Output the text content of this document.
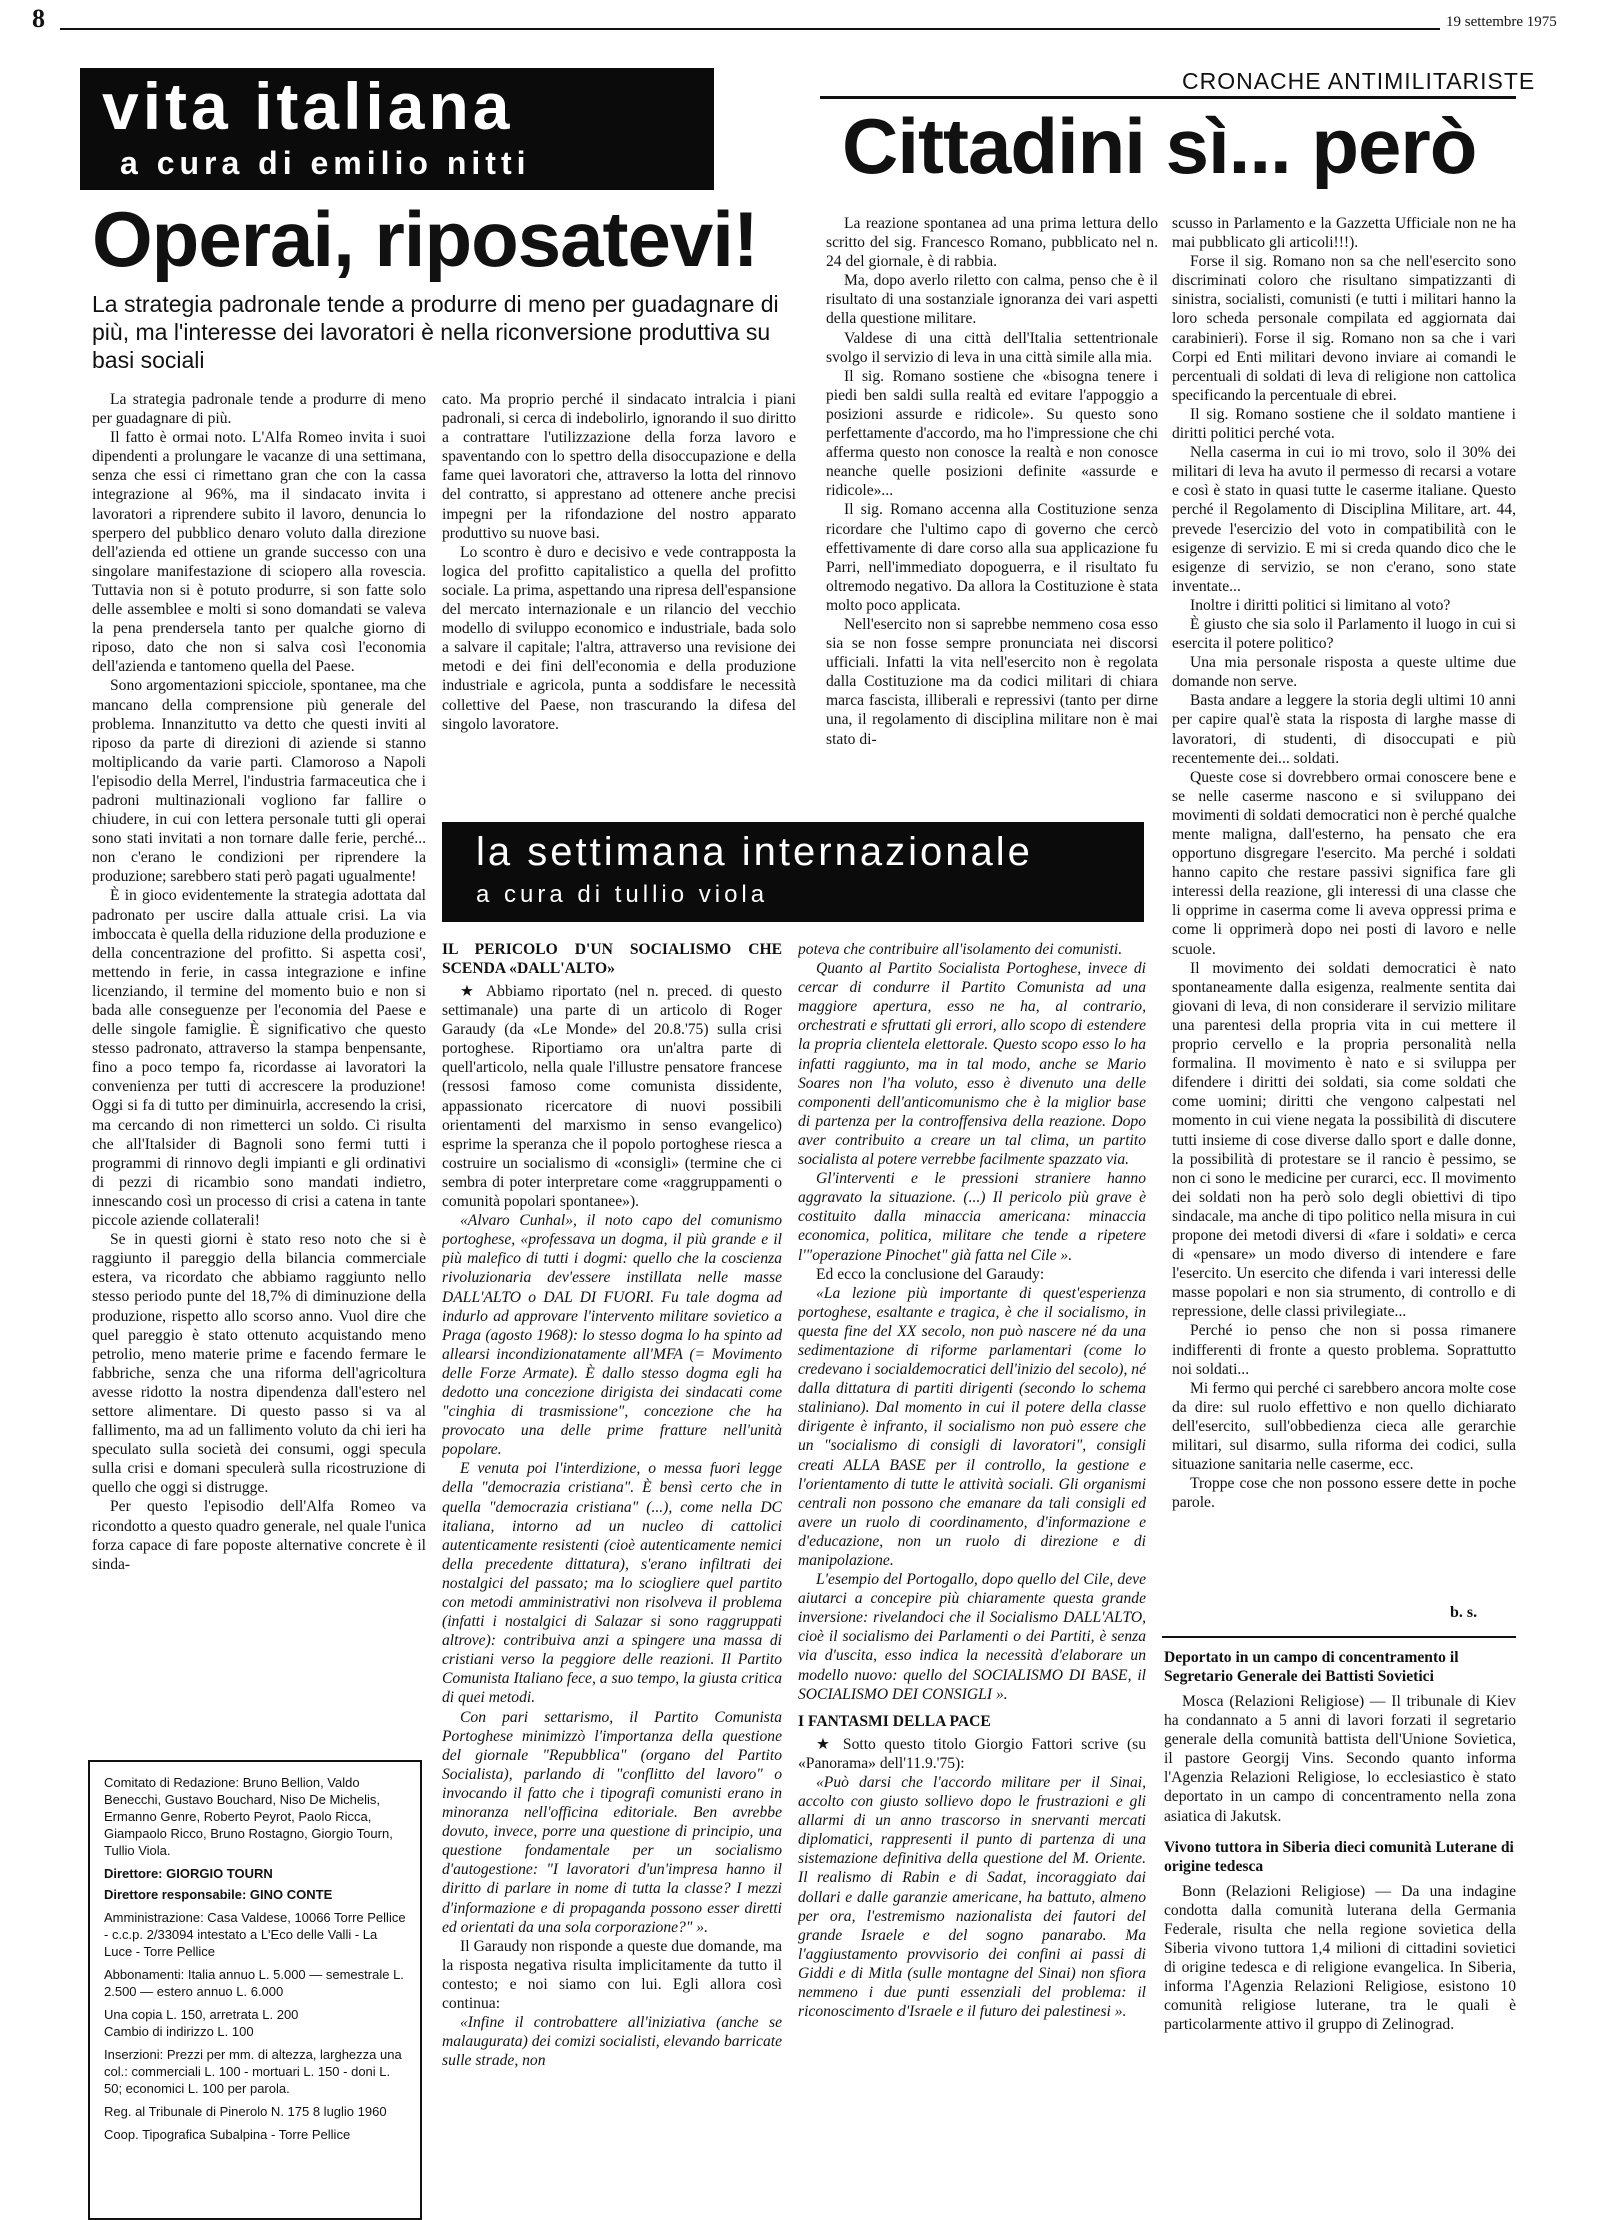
8	19 settembre 1975
vita italiana
a cura di emilio nitti
Operai, riposatevi!
La strategia padronale tende a produrre di meno per guadagnare di più, ma l'interesse dei lavoratori è nella riconversione produttiva su basi sociali

La strategia padronale tende a produrre di meno per guadagnare di più.

Il fatto è ormai noto. L'Alfa Romeo invita i suoi dipendenti a prolungare le vacanze di una settimana, senza che essi ci rimettano gran che con la cassa integrazione al 96%, ma il sindacato invita i lavoratori a riprendere subito il lavoro, denuncia lo sperpero del pubblico denaro voluto dalla direzione dell'azienda ed ottiene un grande successo con una singolare manifestazione di sciopero alla rovescia. Tuttavia non si è potuto produrre, si son fatte solo delle assemblee e molti si sono domandati se valeva la pena prendersela tanto per qualche giorno di riposo, dato che non si salva così l'economia dell'azienda e tantomeno quella del Paese.

Sono argomentazioni spicciole, spontanee, ma che mancano della comprensione più generale del problema. Innanzitutto va detto che questi inviti al riposo da parte di direzioni di aziende si stanno moltiplicando da varie parti. Clamoroso a Napoli l'episodio della Merrel, l'industria farmaceutica che i padroni multinazionali vogliono far fallire o chiudere, in cui con lettera personale tutti gli operai sono stati invitati a non tornare dalle ferie, perché... non c'erano le condizioni per riprendere la produzione; sarebbero stati però pagati ugualmente!

È in gioco evidentemente la strategia adottata dal padronato per uscire dalla attuale crisi. La via imboccata è quella della riduzione della produzione e della concentrazione del profitto. Si aspetta cosi', mettendo in ferie, in cassa integrazione e infine licenziando, il termine del momento buio e non si bada alle conseguenze per l'economia del Paese e delle singole famiglie. È significativo che questo stesso padronato, attraverso la stampa benpensante, fino a poco tempo fa, ricordasse ai lavoratori la convenienza per tutti di accrescere la produzione! Oggi si fa di tutto per diminuirla, accresendo la crisi, ma cercando di non rimetterci un soldo. Ci risulta che all'Italsider di Bagnoli sono fermi tutti i programmi di rinnovo degli impianti e gli ordinativi di pezzi di ricambio sono mandati indietro, innescando così un processo di crisi a catena in tante piccole aziende collaterali!

Se in questi giorni è stato reso noto che si è raggiunto il pareggio della bilancia commerciale estera, va ricordato che abbiamo raggiunto nello stesso periodo punte del 18,7% di diminuzione della produzione, rispetto allo scorso anno. Vuol dire che quel pareggio è stato ottenuto acquistando meno petrolio, meno materie prime e facendo fermare le fabbriche, senza che una riforma dell'agricoltura avesse ridotto la nostra dipendenza dall'estero nel settore alimentare. Di questo passo si va al fallimento, ma ad un fallimento voluto da chi ieri ha speculato sulla società dei consumi, oggi specula sulla crisi e domani speculerà sulla ricostruzione di quello che oggi si distrugge.

Per questo l'episodio dell'Alfa Romeo va ricondotto a questo quadro generale, nel quale l'unica forza capace di fare poposte alternative concrete è il sinda-

cato. Ma proprio perché il sindacato intralcia i piani padronali, si cerca di indebolirlo, ignorando il suo diritto a contrattare l'utilizzazione della forza lavoro e spaventando con lo spettro della disoccupazione e della fame quei lavoratori che, attraverso la lotta del rinnovo del contratto, si apprestano ad ottenere anche precisi impegni per la rifondazione del nostro apparato produttivo su nuove basi.

Lo scontro è duro e decisivo e vede contrapposta la logica del profitto capitalistico a quella del profitto sociale. La prima, aspettando una ripresa dell'espansione del mercato internazionale e un rilancio del vecchio modello di sviluppo economico e industriale, bada solo a salvare il capitale; l'altra, attraverso una revisione dei metodi e dei fini dell'economia e della produzione industriale e agricola, punta a soddisfare le necessità collettive del Paese, non trascurando la difesa del singolo lavoratore.

Comitato di Redazione: Bruno Bellion, Valdo Benecchi, Gustavo Bouchard, Niso De Michelis, Ermanno Genre, Roberto Peyrot, Paolo Ricca, Giampaolo Ricco, Bruno Rostagno, Giorgio Tourn, Tullio Viola.
Direttore: GIORGIO TOURN
Direttore responsabile: GINO CONTE
Amministrazione: Casa Valdese, 10066 Torre Pellice - c.c.p. 2/33094 intestato a L'Eco delle Valli - La Luce - Torre Pellice
Abbonamenti: Italia annuo L. 5.000 — semestrale L. 2.500 — estero annuo L. 6.000
Una copia L. 150, arretrata L. 200
Cambio di indirizzo L. 100
Inserzioni: Prezzi per mm. di altezza, larghezza una col.: commerciali L. 100 - mortuari L. 150 - doni L. 50; economici L. 100 per parola.
Reg. al Tribunale di Pinerolo N. 175 8 luglio 1960
Coop. Tipografica Subalpina - Torre Pellice
CRONACHE ANTIMILITARISTE
Cittadini sì... però

La reazione spontanea ad una prima lettura dello scritto del sig. Francesco Romano, pubblicato nel n. 24 del giornale, è di rabbia.

Ma, dopo averlo riletto con calma, penso che è il risultato di una sostanziale ignoranza dei vari aspetti della questione militare.

Valdese di una città dell'Italia settentrionale svolgo il servizio di leva in una città simile alla mia.

Il sig. Romano sostiene che «bisogna tenere i piedi ben saldi sulla realtà ed evitare l'appoggio a posizioni assurde e ridicole». Su questo sono perfettamente d'accordo, ma ho l'impressione che chi afferma questo non conosce la realtà e non conosce neanche quelle posizioni definite «assurde e ridicole»...

Il sig. Romano accenna alla Costituzione senza ricordare che l'ultimo capo di governo che cercò effettivamente di dare corso alla sua applicazione fu Parri, nell'immediato dopoguerra, e il risultato fu oltremodo negativo. Da allora la Costituzione è stata molto poco applicata.

Nell'esercito non si saprebbe nemmeno cosa esso sia se non fosse sempre pronunciata nei discorsi ufficiali. Infatti la vita nell'esercito non è regolata dalla Costituzione ma da codici militari di chiara marca fascista, illiberali e repressivi (tanto per dirne una, il regolamento di disciplina militare non è mai stato di-

scusso in Parlamento e la Gazzetta Ufficiale non ne ha mai pubblicato gli articoli!!!).

Forse il sig. Romano non sa che nell'esercito sono discriminati coloro che risultano simpatizzanti di sinistra, socialisti, comunisti (e tutti i militari hanno la loro scheda personale compilata ed aggiornata dai carabinieri). Forse il sig. Romano non sa che i vari Corpi ed Enti militari devono inviare ai comandi le percentuali di soldati di leva di religione non cattolica specificando la percentuale di ebrei.

Il sig. Romano sostiene che il soldato mantiene i diritti politici perché vota.

Nella caserma in cui io mi trovo, solo il 30% dei militari di leva ha avuto il permesso di recarsi a votare e così è stato in quasi tutte le caserme italiane. Questo perché il Regolamento di Disciplina Militare, art. 44, prevede l'esercizio del voto in compatibilità con le esigenze di servizio. E mi si creda quando dico che le esigenze di servizio, se non c'erano, sono state inventate...

Inoltre i diritti politici si limitano al voto?

È giusto che sia solo il Parlamento il luogo in cui si esercita il potere politico?

Una mia personale risposta a queste ultime due domande non serve.

Basta andare a leggere la storia degli ultimi 10 anni per capire qual'è stata la risposta di larghe masse di lavoratori, di studenti, di disoccupati e più recentemente dei... soldati.

Queste cose si dovrebbero ormai conoscere bene e se nelle caserme nascono e si sviluppano dei movimenti di soldati democratici non è perché qualche mente maligna, dall'esterno, ha pensato che era opportuno disgregare l'esercito. Ma perché i soldati hanno capito che restare passivi significa fare gli interessi della reazione, gli interessi di una classe che li opprime in caserma come li aveva oppressi prima e come li opprimerà dopo nei posti di lavoro e nelle scuole.

Il movimento dei soldati democratici è nato spontaneamente dalla esigenza, realmente sentita dai giovani di leva, di non considerare il servizio militare una parentesi della propria vita in cui mettere il proprio cervello e la propria personalità nella formalina. Il movimento è nato e si sviluppa per difendere i diritti dei soldati, sia come soldati che come uomini; diritti che vengono calpestati nel momento in cui viene negata la possibilità di discutere tutti insieme di cose diverse dallo sport e dalle donne, la possibilità di protestare se il rancio è pessimo, se non ci sono le medicine per curarci, ecc. Il movimento dei soldati non ha però solo degli obiettivi di tipo sindacale, ma anche di tipo politico nella misura in cui propone dei metodi diversi di «fare i soldati» e cerca di «pensare» un modo diverso di intendere e fare l'esercito. Un esercito che difenda i vari interessi delle masse popolari e non sia strumento, di controllo e di repressione, delle classi privilegiate...

Perché io penso che non si possa rimanere indifferenti di fronte a questo problema. Soprattutto noi soldati...

Mi fermo qui perché ci sarebbero ancora molte cose da dire: sul ruolo effettivo e non quello dichiarato dell'esercito, sull'obbedienza cieca alle gerarchie militari, sul disarmo, sulla riforma dei codici, sulla situazione sanitaria nelle caserme, ecc.

Troppe cose che non possono essere dette in poche parole.

b. s.
la settimana internazionale
a cura di tullio viola
IL PERICOLO D'UN SOCIALISMO CHE SCENDA «DALL'ALTO»

★ Abbiamo riportato (nel n. preced. di questo settimanale) una parte di un articolo di Roger Garaudy (da «Le Monde» del 20.8.'75) sulla crisi portoghese. Riportiamo ora un'altra parte di quell'articolo, nella quale l'illustre pensatore francese (ressosi famoso come comunista dissidente, appassionato ricercatore di nuovi possibili orientamenti del marxismo in senso evangelico) esprime la speranza che il popolo portoghese riesca a costruire un socialismo di «consigli» (termine che ci sembra di poter interpretare come «raggruppamenti o comunità popolari spontanee»).

«Alvaro Cunhal», il noto capo del comunismo portoghese, «professava un dogma, il più grande e il più malefico di tutti i dogmi: quello che la coscienza rivoluzionaria dev'essere instillata nelle masse DALL'ALTO o DAL DI FUORI. Fu tale dogma ad indurlo ad approvare l'intervento militare sovietico a Praga (agosto 1968): lo stesso dogma lo ha spinto ad allearsi incondizionatamente all'MFA (= Movimento delle Forze Armate). È dallo stesso dogma egli ha dedotto una concezione dirigista dei sindacati come "cinghia di trasmissione", concezione che ha provocato una delle prime fratture nell'unità popolare.

E venuta poi l'interdizione, o messa fuori legge della "democrazia cristiana". È bensì certo che in quella "democrazia cristiana" (...), come nella DC italiana, intorno ad un nucleo di cattolici autenticamente resistenti (cioè autenticamente nemici della precedente dittatura), s'erano infiltrati dei nostalgici del passato; ma lo sciogliere quel partito con metodi amministrativi non risolveva il problema (infatti i nostalgici di Salazar si sono raggruppati altrove): contribuiva anzi a spingere una massa di cristiani verso la peggiore delle reazioni. Il Partito Comunista Italiano fece, a suo tempo, la giusta critica di quei metodi.

Con pari settarismo, il Partito Comunista Portoghese minimizzò l'importanza della questione del giornale "Repubblica" (organo del Partito Socialista), parlando di "conflitto del lavoro" o invocando il fatto che i tipografi comunisti erano in minoranza nell'officina editoriale. Ben avrebbe dovuto, invece, porre una questione di principio, una questione fondamentale per un socialismo d'autogestione: "I lavoratori d'un'impresa hanno il diritto di parlare in nome di tutta la classe? I mezzi d'informazione e di propaganda possono esser diretti ed orientati da una sola corporazione?" ».

Il Garaudy non risponde a queste due domande, ma la risposta negativa risulta implicitamente da tutto il contesto; e noi siamo con lui. Egli allora così continua:

«Infine il controbattere all'iniziativa (anche se malaugurata) dei comizi socialisti, elevando barricate sulle strade, non

poteva che contribuire all'isolamento dei comunisti.

Quanto al Partito Socialista Portoghese, invece di cercar di condurre il Partito Comunista ad una maggiore apertura, esso ne ha, al contrario, orchestrati e sfruttati gli errori, allo scopo di estendere la propria clientela elettorale. Questo scopo esso lo ha infatti raggiunto, ma in tal modo, anche se Mario Soares non l'ha voluto, esso è divenuto una delle componenti dell'anticomunismo che è la miglior base di partenza per la controffensiva della reazione. Dopo aver contribuito a creare un tal clima, un partito socialista al potere verrebbe facilmente spazzato via.

Gl'interventi e le pressioni straniere hanno aggravato la situazione. (...) Il pericolo più grave è costituito dalla minaccia americana: minaccia economica, politica, militare che tende a ripetere l'"operazione Pinochet" già fatta nel Cile ».

Ed ecco la conclusione del Garaudy:

«La lezione più importante di quest'esperienza portoghese, esaltante e tragica, è che il socialismo, in questa fine del XX secolo, non può nascere né da una sedimentazione di riforme parlamentari (come lo credevano i socialdemocratici dell'inizio del secolo), né dalla dittatura di partiti dirigenti (secondo lo schema staliniano). Dal momento in cui il potere della classe dirigente è infranto, il socialismo non può essere che un "socialismo di consigli di lavoratori", consigli creati ALLA BASE per il controllo, la gestione e l'orientamento di tutte le attività sociali. Gli organismi centrali non possono che emanare da tali consigli ed avere un ruolo di coordinamento, d'informazione e d'educazione, non un ruolo di direzione e di manipolazione.

L'esempio del Portogallo, dopo quello del Cile, deve aiutarci a concepire più chiaramente questa grande inversione: rivelandoci che il Socialismo DALL'ALTO, cioè il socialismo dei Parlamenti o dei Partiti, è senza via d'uscita, esso indica la necessità d'elaborare un modello nuovo: quello del SOCIALISMO DI BASE, il SOCIALISMO DEI CONSIGLI ».

I FANTASMI DELLA PACE

★ Sotto questo titolo Giorgio Fattori scrive (su «Panorama» dell'11.9.'75):

«Può darsi che l'accordo militare per il Sinai, accolto con giusto sollievo dopo le frustrazioni e gli allarmi di un anno trascorso in snervanti mercati diplomatici, rappresenti il punto di partenza di una sistemazione definitiva della questione del M. Oriente. Il realismo di Rabin e di Sadat, incoraggiato dai dollari e dalle garanzie americane, ha battuto, almeno per ora, l'estremismo nazionalista dei fautori del grande Israele e del sogno panarabo. Ma l'aggiustamento provvisorio dei confini ai passi di Giddi e di Mitla (sulle montagne del Sinai) non sfiora nemmeno i due punti essenziali del problema: il riconoscimento d'Israele e il futuro dei palestinesi ».

Deportato in un campo di concentramento il Segretario Generale dei Battisti Sovietici

Mosca (Relazioni Religiose) — Il tribunale di Kiev ha condannato a 5 anni di lavori forzati il segretario generale della comunità battista dell'Unione Sovietica, il pastore Georgij Vins. Secondo quanto informa l'Agenzia Relazioni Religiose, lo ecclesiastico è stato deportato in un campo di concentramento nella zona asiatica di Jakutsk.

Vivono tuttora in Siberia dieci comunità Luterane di origine tedesca

Bonn (Relazioni Religiose) — Da una indagine condotta dalla comunità luterana della Germania Federale, risulta che nella regione sovietica della Siberia vivono tuttora 1,4 milioni di cittadini sovietici di origine tedesca e di religione evangelica. In Siberia, informa l'Agenzia Relazioni Religiose, esistono 10 comunità religiose luterane, tra le quali è particolarmente attivo il gruppo di Zelinograd.
